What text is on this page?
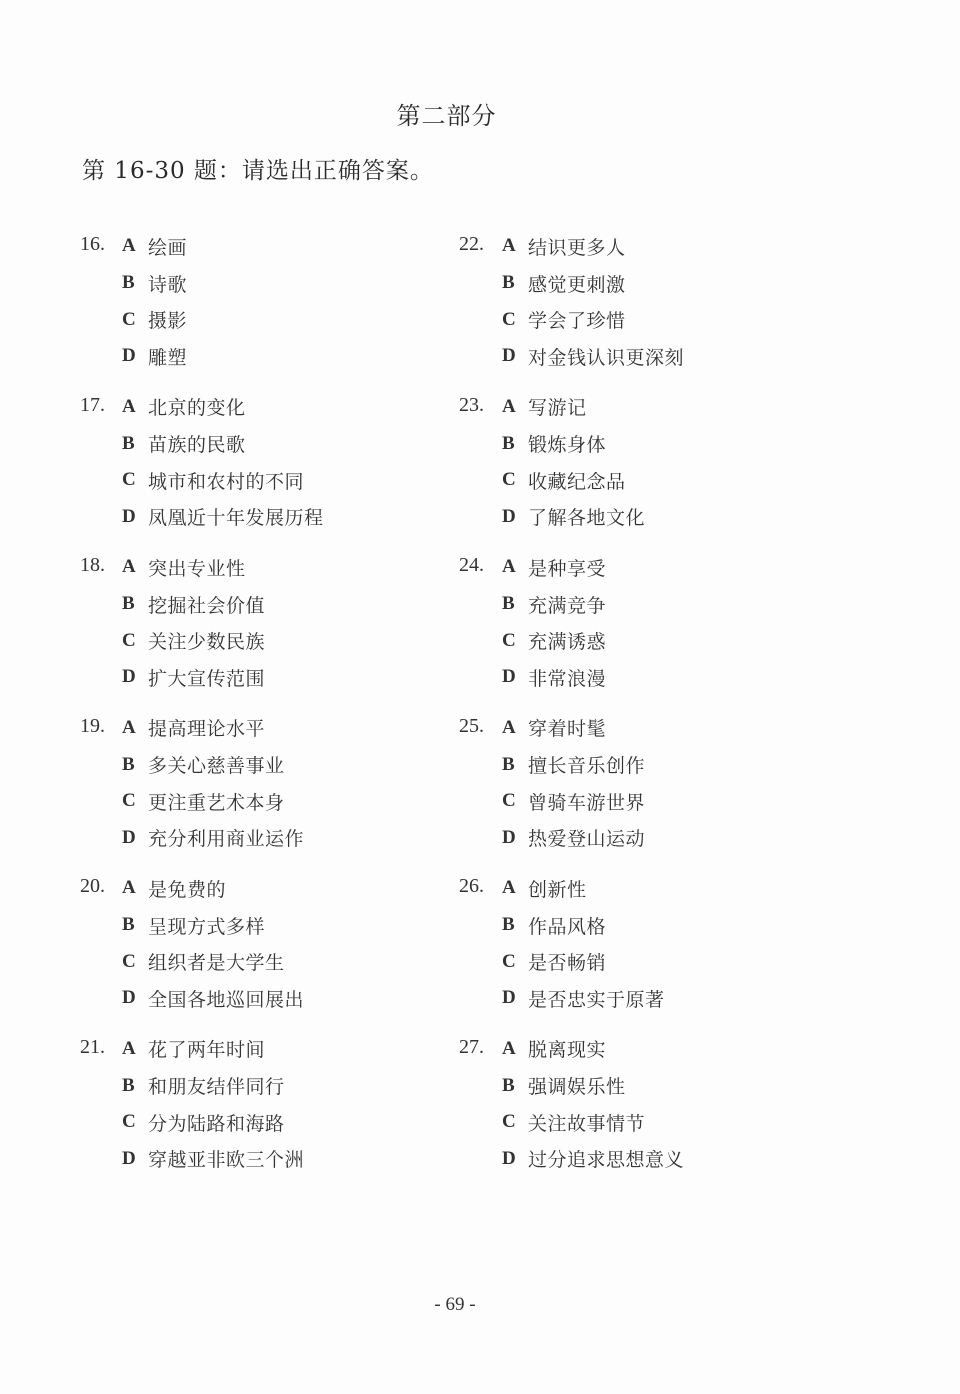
第二部分
第 16-30 题：请选出正确答案。
16. A 绘画
B 诗歌
C 摄影
D 雕塑
17. A 北京的变化
B 苗族的民歌
C 城市和农村的不同
D 凤凰近十年发展历程
18. A 突出专业性
B 挖掘社会价值
C 关注少数民族
D 扩大宣传范围
19. A 提高理论水平
B 多关心慈善事业
C 更注重艺术本身
D 充分利用商业运作
20. A 是免费的
B 呈现方式多样
C 组织者是大学生
D 全国各地巡回展出
21. A 花了两年时间
B 和朋友结伴同行
C 分为陆路和海路
D 穿越亚非欧三个洲
22. A 结识更多人
B 感觉更刺激
C 学会了珍惜
D 对金钱认识更深刻
23. A 写游记
B 锻炼身体
C 收藏纪念品
D 了解各地文化
24. A 是种享受
B 充满竞争
C 充满诱惑
D 非常浪漫
25. A 穿着时髦
B 擅长音乐创作
C 曾骑车游世界
D 热爱登山运动
26. A 创新性
B 作品风格
C 是否畅销
D 是否忠实于原著
27. A 脱离现实
B 强调娱乐性
C 关注故事情节
D 过分追求思想意义
- 69 -
